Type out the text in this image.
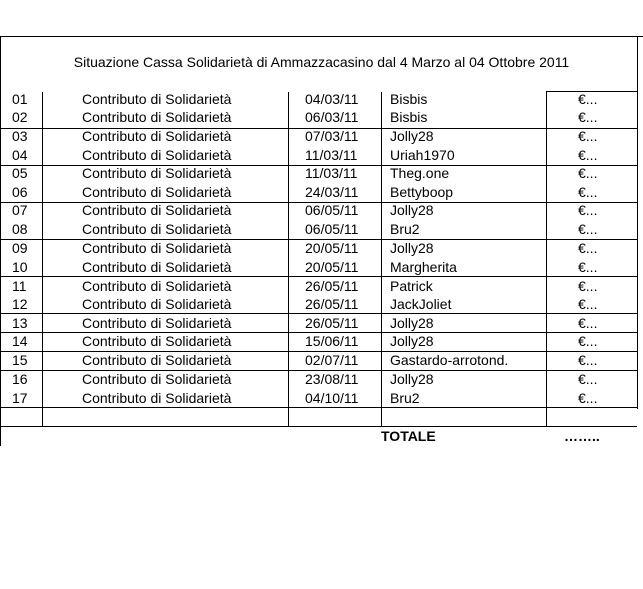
Situazione Cassa Solidarietà di Ammazzacasino dal 4 Marzo al 04 Ottobre 2011
01	Contributo di Solidarietà	04/03/11 Bisbis	€...
02	Contributo di Solidarietà	06/03/11 Bisbis	€...
03	Contributo di Solidarietà	07/03/11 Jolly28	€...
04	Contributo di Solidarietà	11/03/11 Uriah1970	€...
05	Contributo di Solidarietà	11/03/11 Theg.one	€...
06	Contributo di Solidarietà	24/03/11 Bettyboop	€...
07	Contributo di Solidarietà	06/05/11 Jolly28	€...
08	Contributo di Solidarietà	06/05/11 Bru2	€...
09	Contributo di Solidarietà	20/05/11 Jolly28	€...
10	Contributo di Solidarietà	20/05/11 Margherita	€...
11	Contributo di Solidarietà	26/05/11 Patrick	€...
12	Contributo di Solidarietà	26/05/11 JackJoliet	€...
13	Contributo di Solidarietà	26/05/11 Jolly28	€...
14	Contributo di Solidarietà	15/06/11 Jolly28	€...
15	Contributo di Solidarietà	02/07/11 Gastardo-arrotond.	€...
16	Contributo di Solidarietà	23/08/11 Jolly28	€...
17	Contributo di Solidarietà	04/10/11 Bru2	€...
TOTALE	……..
